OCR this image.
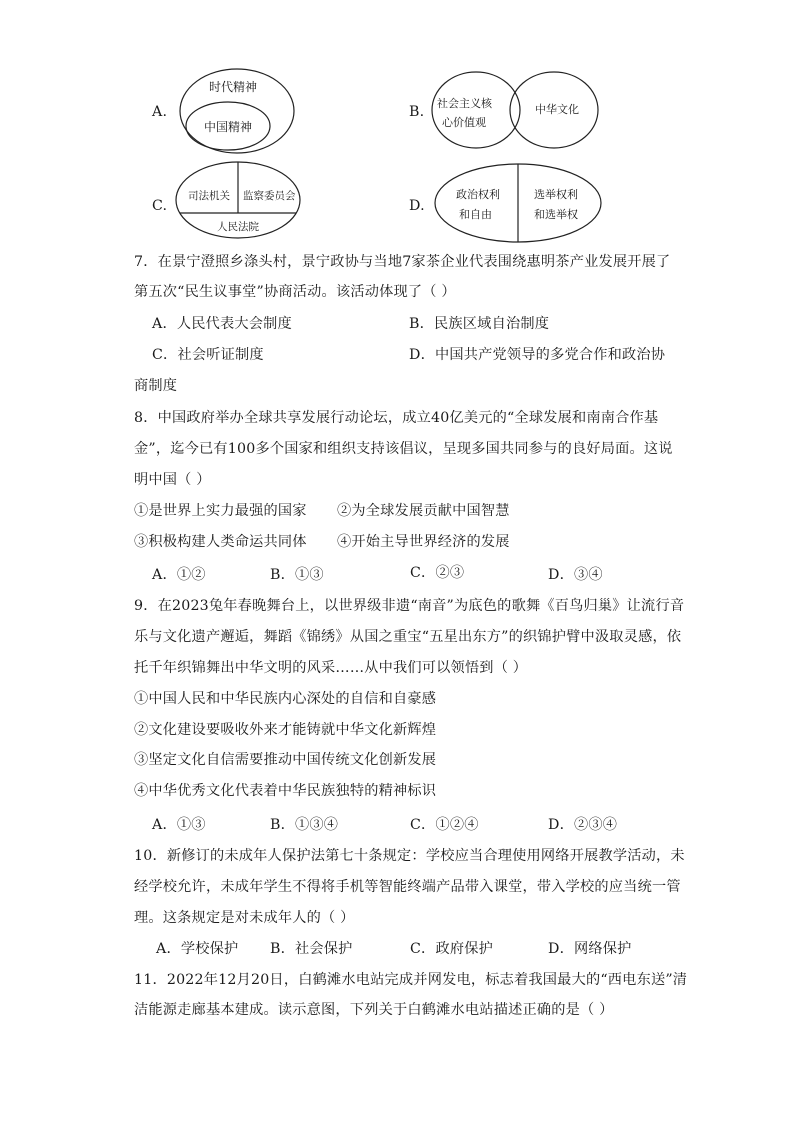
A.
时代精神
中国精神
B.
社会主义核
心价值观
中华文化
C.
司法机关 监察委员会
人民法院
D.
政治权利
和自由
选举权利
和选举权
7．在景宁澄照乡涤头村，景宁政协与当地7家茶企业代表围绕惠明茶产业发展开展了
第五次“民生议事堂”协商活动。该活动体现了（ ）
A．人民代表大会制度	B．民族区域自治制度
C．社会听证制度	D．中国共产党领导的多党合作和政治协
商制度
8．中国政府举办全球共享发展行动论坛，成立40亿美元的“全球发展和南南合作基
金”，迄今已有100多个国家和组织支持该倡议，呈现多国共同参与的良好局面。这说
明中国（ ）
①是世界上实力最强的国家 ②为全球发展贡献中国智慧
③积极构建人类命运共同体 ④开始主导世界经济的发展
A．①②	B．①③	C．②③	D．③④
9．在2023兔年春晚舞台上，以世界级非遗“南音”为底色的歌舞《百鸟归巢》让流行音
乐与文化遗产邂逅，舞蹈《锦绣》从国之重宝“五星出东方”的织锦护臂中汲取灵感，依
托千年织锦舞出中华文明的风采……从中我们可以领悟到（ ）
①中国人民和中华民族内心深处的自信和自豪感
②文化建设要吸收外来才能铸就中华文化新辉煌
③坚定文化自信需要推动中国传统文化创新发展
④中华优秀文化代表着中华民族独特的精神标识
A．①③	B．①③④	C．①②④	D．②③④
10．新修订的未成年人保护法第七十条规定：学校应当合理使用网络开展教学活动，未
经学校允许，未成年学生不得将手机等智能终端产品带入课堂，带入学校的应当统一管
理。这条规定是对未成年人的（ ）
A．学校保护 B．社会保护	C．政府保护	D．网络保护
11．2022年12月20日，白鹤滩水电站完成并网发电，标志着我国最大的“西电东送”清
洁能源走廊基本建成。读示意图，下列关于白鹤滩水电站描述正确的是（ ）
